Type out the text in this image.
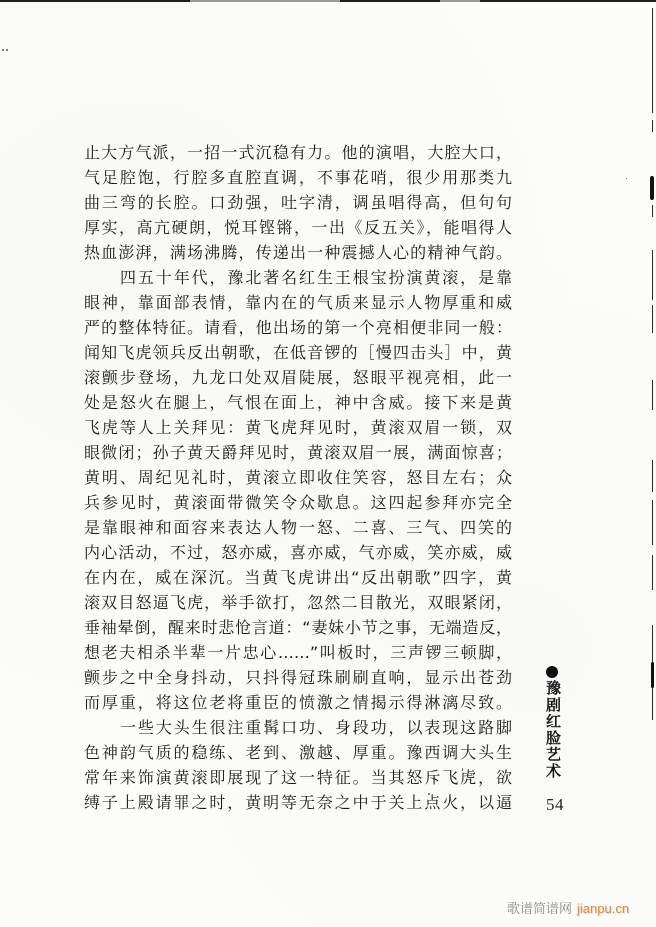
止大方气派，一招一式沉稳有力。他的演唱，大腔大口，
气足腔饱，行腔多直腔直调，不事花哨，很少用那类九
曲三弯的长腔。口劲强，吐字清，调虽唱得高，但句句
厚实，高亢硬朗，悦耳铿锵，一出《反五关》，能唱得人
热血澎湃，满场沸腾，传递出一种震撼人心的精神气韵。
四五十年代，豫北著名红生王根宝扮演黄滚，是靠
眼神，靠面部表情，靠内在的气质来显示人物厚重和威
严的整体特征。请看，他出场的第一个亮相便非同一般：
闻知飞虎领兵反出朝歌，在低音锣的［慢四击头］中，黄
滚颤步登场，九龙口处双眉陡展，怒眼平视亮相，此一
处是怒火在腿上，气恨在面上，神中含威。接下来是黄
飞虎等人上关拜见：黄飞虎拜见时，黄滚双眉一锁，双
眼微闭；孙子黄天爵拜见时，黄滚双眉一展，满面惊喜；
黄明、周纪见礼时，黄滚立即收住笑容，怒目左右；众
兵参见时，黄滚面带微笑令众歇息。这四起参拜亦完全
是靠眼神和面容来表达人物一怒、二喜、三气、四笑的
内心活动，不过，怒亦威，喜亦威，气亦威，笑亦威，威
在内在，威在深沉。当黄飞虎讲出“反出朝歌”四字，黄
滚双目怒逼飞虎，举手欲打，忽然二目散光，双眼紧闭，
垂袖晕倒，醒来时悲怆言道：“妻妹小节之事，无端造反，
想老夫相杀半辈一片忠心……”叫板时，三声锣三顿脚，
颤步之中全身抖动，只抖得冠珠刷刷直响，显示出苍劲
而厚重，将这位老将重臣的愤激之情揭示得淋漓尽致。
一些大头生很注重髯口功、身段功，以表现这路脚
色神韵气质的稳练、老到、激越、厚重。豫西调大头生
常年来饰演黄滚即展现了这一特征。当其怒斥飞虎，欲
缚子上殿请罪之时，黄明等无奈之中于关上点火，以逼
豫剧红脸艺术
54
歌谱简谱网 jianpu.cn
